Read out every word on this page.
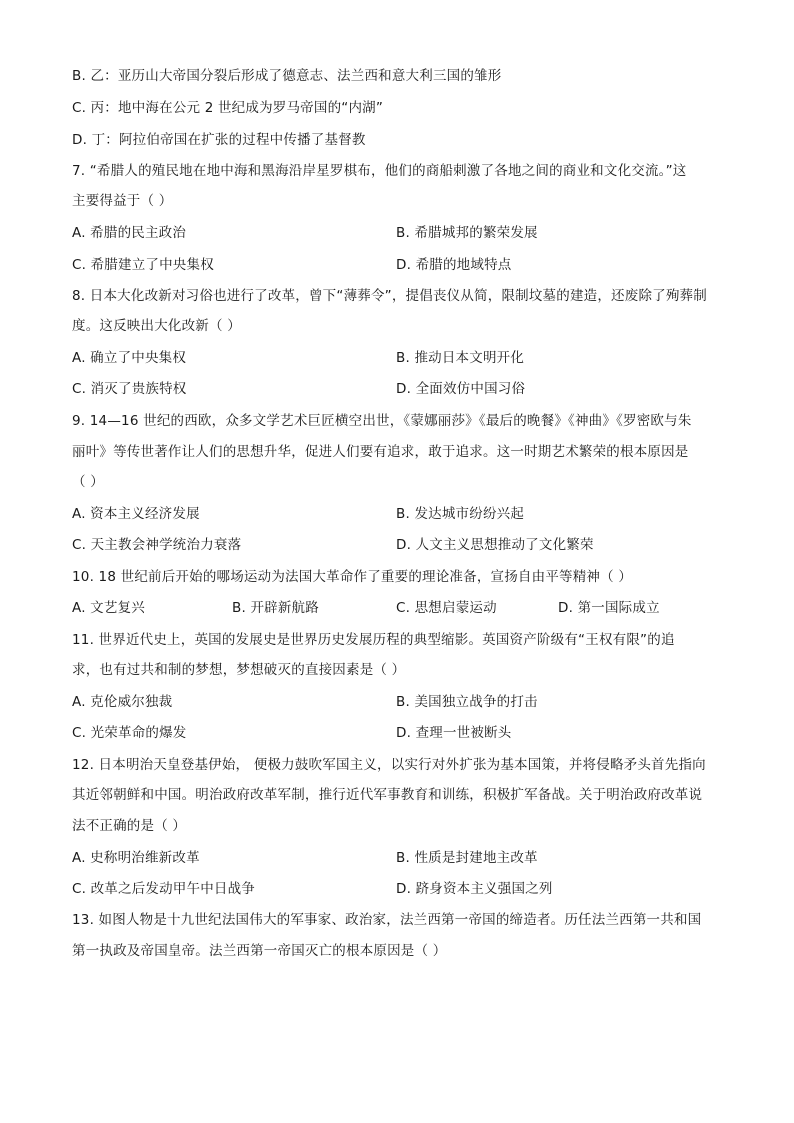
B. 乙：亚历山大帝国分裂后形成了德意志、法兰西和意大利三国的雏形
C. 丙：地中海在公元 2 世纪成为罗马帝国的“内湖”
D. 丁：阿拉伯帝国在扩张的过程中传播了基督教
7. “希腊人的殖民地在地中海和黑海沿岸星罗棋布，他们的商船刺激了各地之间的商业和文化交流。”这
主要得益于（ ）
A. 希腊的民主政治	B. 希腊城邦的繁荣发展
C. 希腊建立了中央集权	D. 希腊的地域特点
8. 日本大化改新对习俗也进行了改革，曾下“薄葬令”，提倡丧仪从简，限制坟墓的建造，还废除了殉葬制
度。这反映出大化改新（ ）
A. 确立了中央集权	B. 推动日本文明开化
C. 消灭了贵族特权	D. 全面效仿中国习俗
9. 14—16 世纪的西欧，众多文学艺术巨匠横空出世，《蒙娜丽莎》《最后的晚餐》《神曲》《罗密欧与朱
丽叶》等传世著作让人们的思想升华，促进人们要有追求，敢于追求。这一时期艺术繁荣的根本原因是
（ ）
A. 资本主义经济发展	B. 发达城市纷纷兴起
C. 天主教会神学统治力衰落	D. 人文主义思想推动了文化繁荣
10. 18 世纪前后开始的哪场运动为法国大革命作了重要的理论准备，宣扬自由平等精神（ ）
A. 文艺复兴	B. 开辟新航路	C. 思想启蒙运动	D. 第一国际成立
11. 世界近代史上，英国的发展史是世界历史发展历程的典型缩影。英国资产阶级有“王权有限”的追
求，也有过共和制的梦想，梦想破灭的直接因素是（ ）
A. 克伦威尔独裁	B. 美国独立战争的打击
C. 光荣革命的爆发	D. 查理一世被断头
12. 日本明治天皇登基伊始， 便极力鼓吹军国主义，以实行对外扩张为基本国策，并将侵略矛头首先指向
其近邻朝鲜和中国。明治政府改革军制，推行近代军事教育和训练，积极扩军备战。关于明治政府改革说
法不正确的是（ ）
A. 史称明治维新改革	B. 性质是封建地主改革
C. 改革之后发动甲午中日战争	D. 跻身资本主义强国之列
13. 如图人物是十九世纪法国伟大的军事家、政治家，法兰西第一帝国的缔造者。历任法兰西第一共和国
第一执政及帝国皇帝。法兰西第一帝国灭亡的根本原因是（ ）
